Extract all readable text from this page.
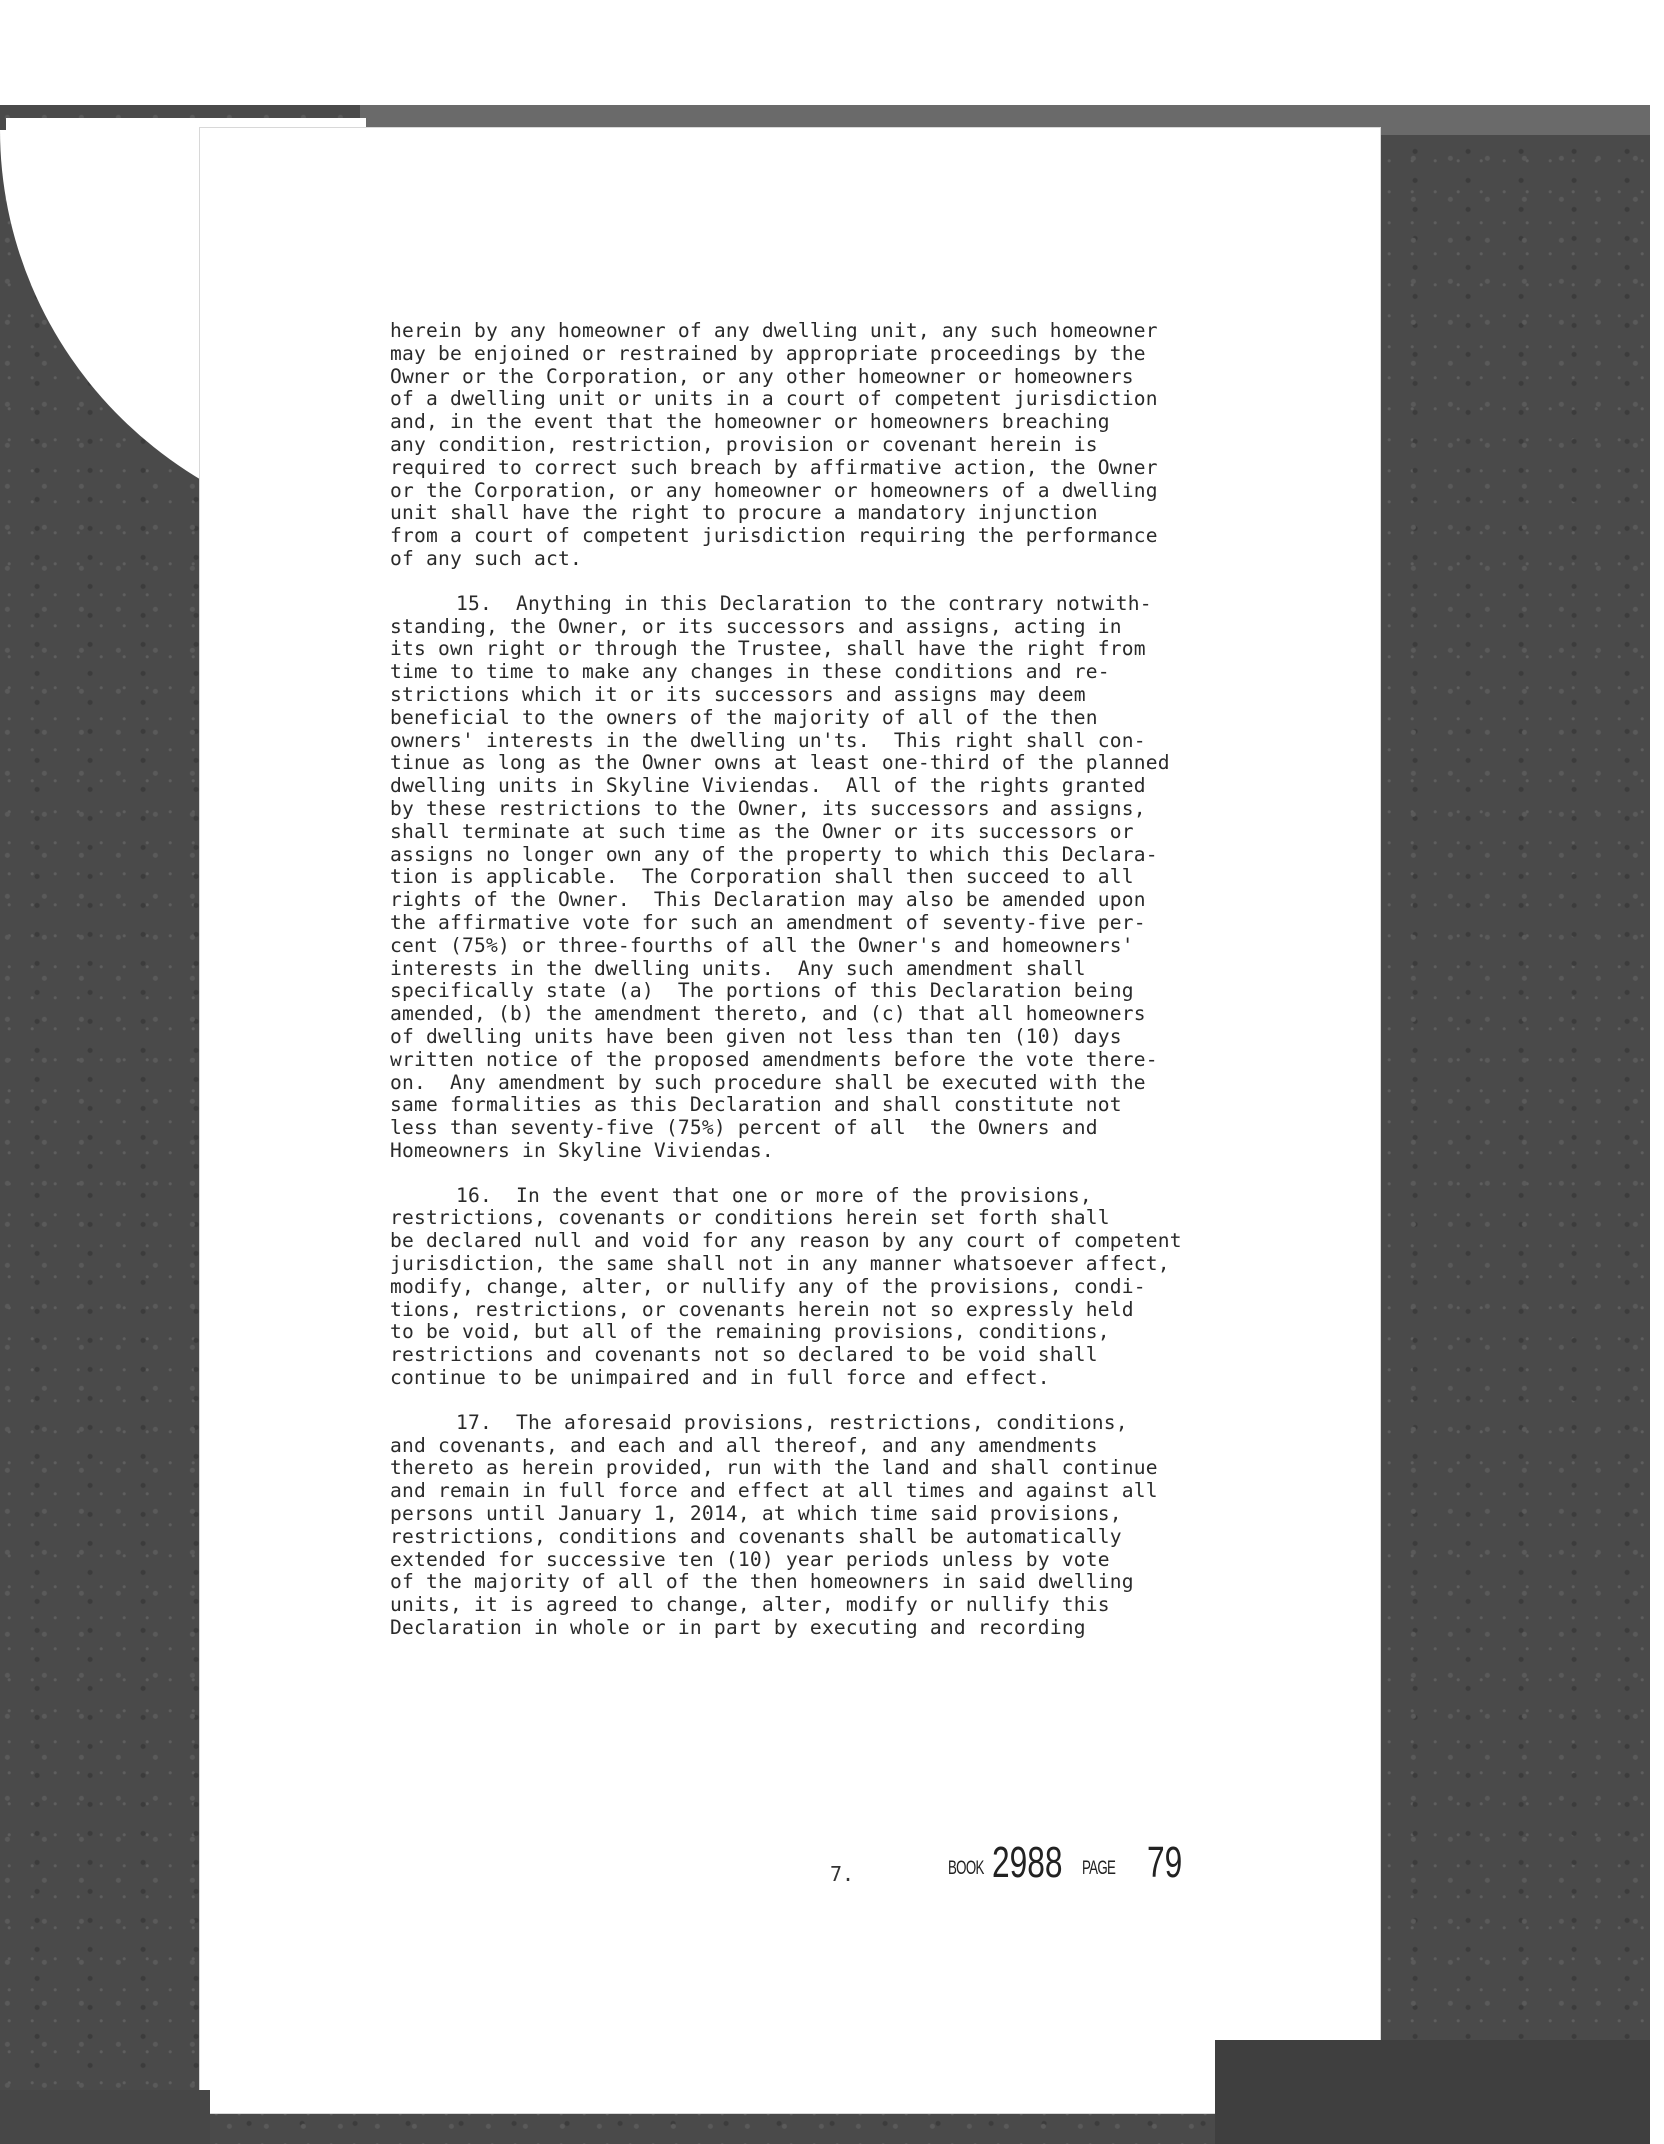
herein by any homeowner of any dwelling unit, any such homeowner
may be enjoined or restrained by appropriate proceedings by the
Owner or the Corporation, or any other homeowner or homeowners
of a dwelling unit or units in a court of competent jurisdiction
and, in the event that the homeowner or homeowners breaching
any condition, restriction, provision or covenant herein is
required to correct such breach by affirmative action, the Owner
or the Corporation, or any homeowner or homeowners of a dwelling
unit shall have the right to procure a mandatory injunction
from a court of competent jurisdiction requiring the performance
of any such act.
15.  Anything in this Declaration to the contrary notwith-
standing, the Owner, or its successors and assigns, acting in
its own right or through the Trustee, shall have the right from
time to time to make any changes in these conditions and re-
strictions which it or its successors and assigns may deem
beneficial to the owners of the majority of all of the then
owners' interests in the dwelling un'ts.  This right shall con-
tinue as long as the Owner owns at least one-third of the planned
dwelling units in Skyline Viviendas.  All of the rights granted
by these restrictions to the Owner, its successors and assigns,
shall terminate at such time as the Owner or its successors or
assigns no longer own any of the property to which this Declara-
tion is applicable.  The Corporation shall then succeed to all
rights of the Owner.  This Declaration may also be amended upon
the affirmative vote for such an amendment of seventy-five per-
cent (75%) or three-fourths of all the Owner's and homeowners'
interests in the dwelling units.  Any such amendment shall
specifically state (a)  The portions of this Declaration being
amended, (b) the amendment thereto, and (c) that all homeowners
of dwelling units have been given not less than ten (10) days
written notice of the proposed amendments before the vote there-
on.  Any amendment by such procedure shall be executed with the
same formalities as this Declaration and shall constitute not
less than seventy-five (75%) percent of all  the Owners and
Homeowners in Skyline Viviendas.
16.  In the event that one or more of the provisions,
restrictions, covenants or conditions herein set forth shall
be declared null and void for any reason by any court of competent
jurisdiction, the same shall not in any manner whatsoever affect,
modify, change, alter, or nullify any of the provisions, condi-
tions, restrictions, or covenants herein not so expressly held
to be void, but all of the remaining provisions, conditions,
restrictions and covenants not so declared to be void shall
continue to be unimpaired and in full force and effect.
17.  The aforesaid provisions, restrictions, conditions,
and covenants, and each and all thereof, and any amendments
thereto as herein provided, run with the land and shall continue
and remain in full force and effect at all times and against all
persons until January 1, 2014, at which time said provisions,
restrictions, conditions and covenants shall be automatically
extended for successive ten (10) year periods unless by vote
of the majority of all of the then homeowners in said dwelling
units, it is agreed to change, alter, modify or nullify this
Declaration in whole or in part by executing and recording
7.	BOOK 2988 PAGE 79
